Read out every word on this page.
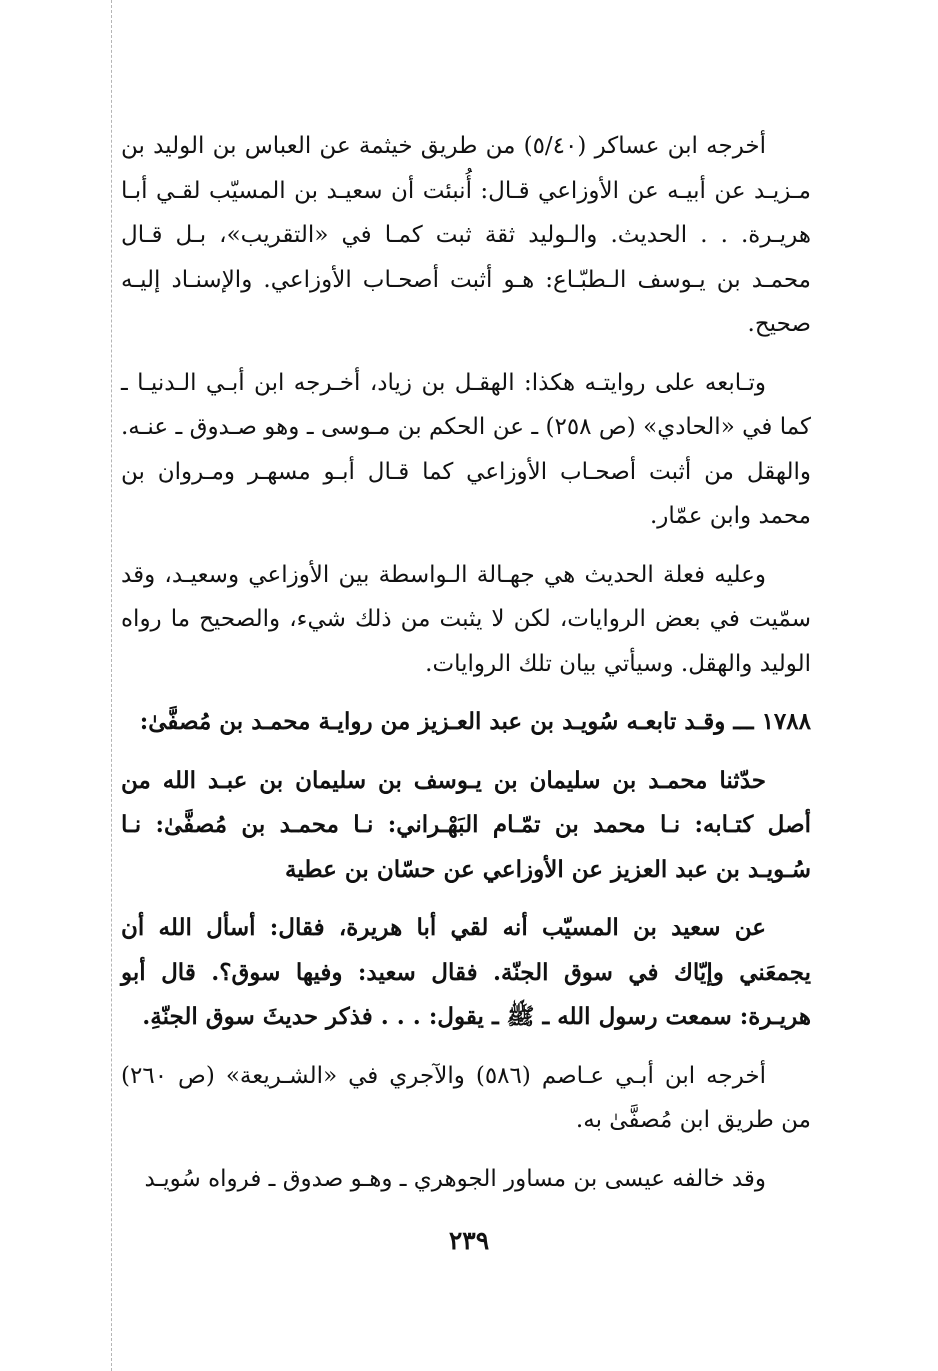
أخرجه ابن عساكر (٥/٤٠) من طريق خيثمة عن العباس بن الوليد بن مـزيـد عن أبيـه عن الأوزاعي قـال: أُنبئت أن سعيـد بن المسيّب لقـي أبـا هريـرة. . . الحديث. والـوليد ثقة ثبت كمـا في «التقريب»، بـل قـال محمـد بن يـوسف الـطبّـاع: هـو أثبت أصحـاب الأوزاعي. والإسنـاد إليـه صحيح.

وتـابعه على روايتـه هكذا: الهقـل بن زياد، أخـرجه ابن أبـي الـدنيـا ـ كما في «الحادي» (ص ٢٥٨) ـ عن الحكم بن مـوسى ـ وهو صـدوق ـ عنـه. والهقل من أثبت أصحـاب الأوزاعي كما قـال أبـو مسهـر ومـروان بن محمد وابن عمّار.

وعليه فعلة الحديث هي جهـالة الـواسطة بين الأوزاعي وسعيـد، وقد سمّيت في بعض الروايات، لكن لا يثبت من ذلك شيء، والصحيح ما رواه الوليد والهقل. وسيأتي بيان تلك الروايات.

١٧٨٨ ـــ وقـد تابعـه سُويـد بن عبد العـزيز من روايـة محمـد بن مُصفَّىٰ:

حدّثنا محمـد بن سليمان بن يـوسف بن سليمان بن عبـد الله من أصل كتـابه: نـا محمد بن تمّـام البَهْـراني: نـا محمـد بن مُصفَّىٰ: نـا سُـويـد بن عبد العزيز عن الأوزاعي عن حسّان بن عطية

عن سعيد بن المسيّب أنه لقي أبا هريرة، فقال: أسأل الله أن يجمعَني وإيّاك في سوق الجنّة. فقال سعيد: وفيها سوق؟. قال أبو هريـرة: سمعت رسول الله ـ ﷺ ـ يقول: . . . فذكر حديثَ سوق الجنّةِ.

أخرجه ابن أبـي عـاصم (٥٨٦) والآجري في «الشـريعة» (ص ٢٦٠) من طريق ابن مُصفَّىٰ به.

وقد خالفه عيسى بن مساور الجوهري ـ وهـو صدوق ـ فرواه سُويـد

٢٣٩
